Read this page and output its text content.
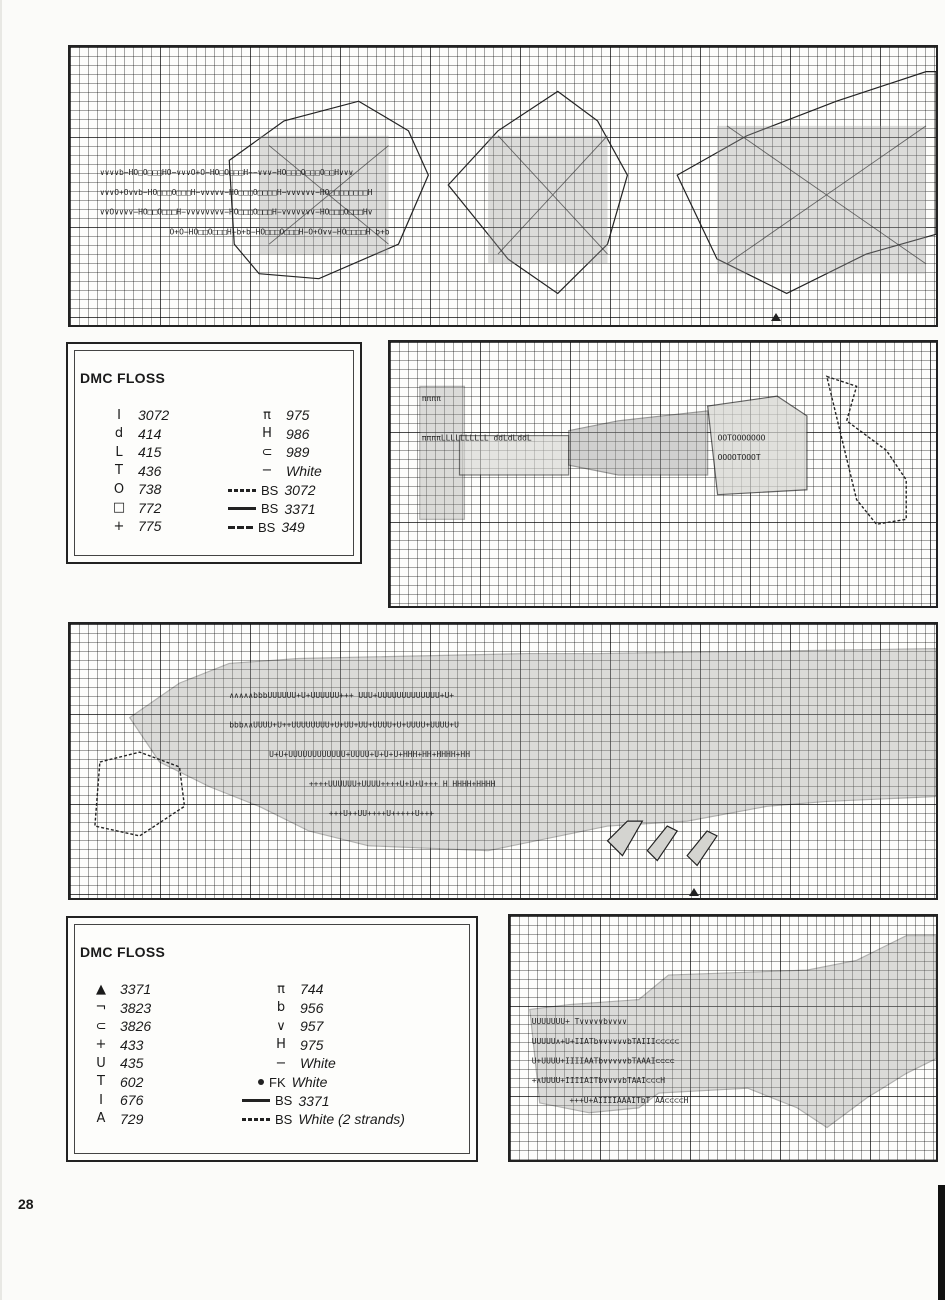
∨∨∨∨b−HO□O□□□HO−∨∨∨O+O−HO□O□□□H−−∨∨∨−HO□□□O□□□O□□H∨∨∨
∨∨∨O+O∨∨b−HO□□□O□□□H−∨∨∨∨∨−HO□□□O□□□□H−∨∨∨∨∨∨−HO□□□□□□□□H
∨∨O∨∨∨∨−HO□□O□□□H−∨∨∨∨∨∨∨∨−HO□□□O□□□H−∨∨∨∨∨∨∨−HO□□□O□□□H∨
O+O−HO□□O□□□H−b+b−HO□□□O□□□H−O+O∨∨−HO□□□□H b+b
DMC FLOSS
I	3072
d	414
L	415
T	436
O 738
□ 772
+ 775
π	975
H	986
⊂ 989
− White
BS 3072
BS 3371
BS 349
ππππ
ππππLLLLLLLLLL ddLdLddL	OOTOOOOOOO
OOOOTOOOT
∧∧∧∧∧bbbUUUUUU+U+UUUUUU+++ UUU+UUUUUUUUUUUUU+U+
bbb∧∧UUUU+U++UUUUUUUU+U+UU+UU+UUUU+U+UUUU+UUUU+U
U+U+UUUUUUUUUUUU+UUUU+U+U+U+HHH+HH+HHHH+HH
++++UUUUUU+UUUU++++U+U+U+++ H HHHH+HHHH
+++U++UU++++U+++++U+++
DMC FLOSS
▲	3371
¬ 3823
⊂ 3826
+ 433
U	435
T	602
I	676
A	729
π	744
b	956
∨	957
H	975
− White
FK White
BS 3371
BS White (2 strands)
UUUUUUU+ T∨∨∨∨∨b∨∨∨∨
UUUUU∧+U+IIATb∨∨∨∨∨∨bTAIII⊂⊂⊂⊂⊂
U+UUUU+IIIIAATb∨∨∨∨∨bTAAAI⊂⊂⊂⊂
+∧UUUU+IIIIAITb∨∨∨∨bTAAI⊂⊂⊂H
+++U+AIIIIAAAITbT AA⊂⊂⊂⊂H
28
